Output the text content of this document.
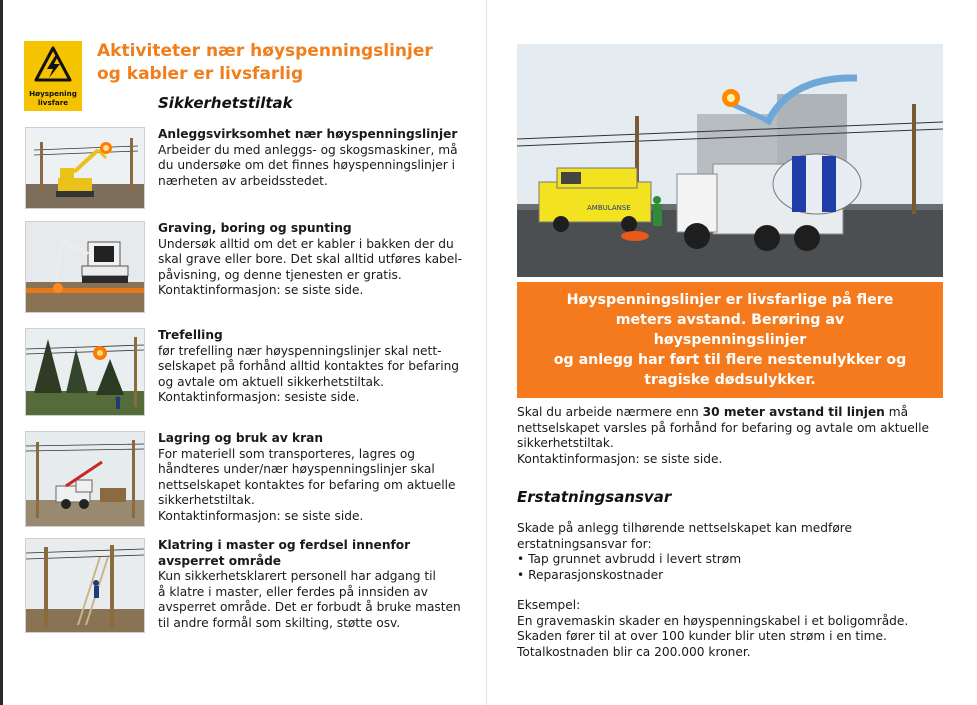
Høyspening
livsfare
Aktiviteter nær høyspenningslinjer
og kabler er livsfarlig
Sikkerhetstiltak
Anleggsvirksomhet nær høyspenningslinjer
Arbeider du med anleggs- og skogsmaskiner, må
du undersøke om det finnes høyspenningslinjer i
nærheten av arbeidsstedet.
Graving, boring og spunting
Undersøk alltid om det er kabler i bakken der du
skal grave eller bore. Det skal alltid utføres kabel-
påvisning, og denne tjenesten er gratis.
Kontaktinformasjon: se siste side.
Trefelling
før trefelling nær høyspenningslinjer skal nett-
selskapet på forhånd alltid kontaktes for befaring
og avtale om aktuell sikkerhetstiltak.
Kontaktinformasjon: sesiste side.
Lagring og bruk av kran
For materiell som transporteres, lagres og
håndteres under/nær høyspenningslinjer skal
nettselskapet kontaktes for befaring om aktuelle
sikkerhetstiltak.
Kontaktinformasjon: se siste side.
Klatring i master og ferdsel innenfor
avsperret område
Kun sikkerhetsklarert personell har adgang til
å klatre i master, eller ferdes på innsiden av
avsperret område. Det er forbudt å bruke masten
til andre formål som skilting, støtte osv.
AMBULANSE
Høyspenningslinjer er livsfarlige på flere
meters avstand. Berøring av høyspenningslinjer
og anlegg har ført til flere nestenulykker og
tragiske dødsulykker.
Skal du arbeide nærmere enn 30 meter avstand til linjen må
nettselskapet varsles på forhånd for befaring og avtale om aktuelle
sikkerhetstiltak.
Kontaktinformasjon: se siste side.
Erstatningsansvar
Skade på anlegg tilhørende nettselskapet kan medføre
erstatningsansvar for:
• Tap grunnet avbrudd i levert strøm
• Reparasjonskostnader
Eksempel:
En gravemaskin skader en høyspenningskabel i et boligområde.
Skaden fører til at over 100 kunder blir uten strøm i en time.
Totalkostnaden blir ca 200.000 kroner.
